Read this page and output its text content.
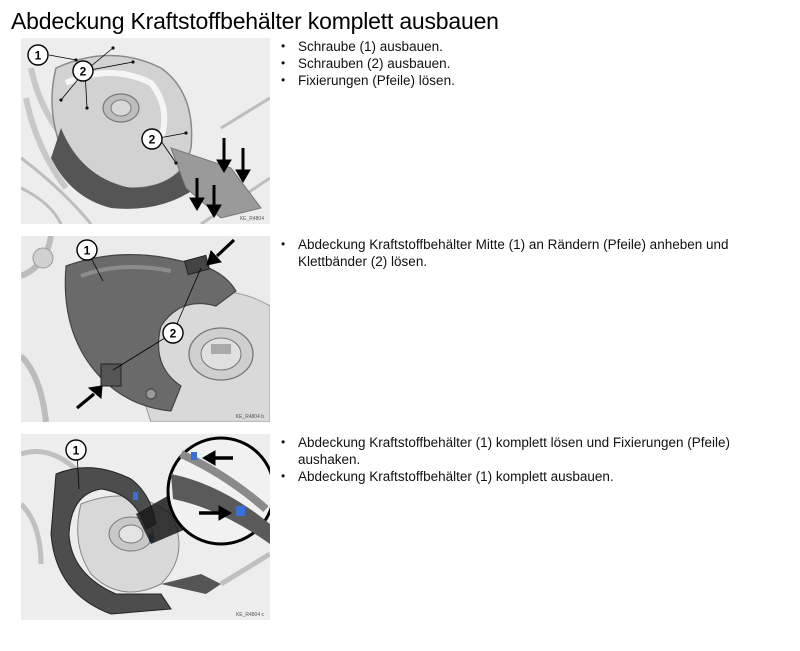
Abdeckung Kraftstoffbehälter komplett ausbauen
1
2
2
KE_R4804
• Schraube (1) ausbauen.
• Schrauben (2) ausbauen.
• Fixierungen (Pfeile) lösen.
1
2
KE_R4804 b
• Abdeckung Kraftstoffbehälter Mitte (1) an Rändern (Pfeile) anheben und Klettbänder (2) lösen.
1
KE_R4804 c
• Abdeckung Kraftstoffbehälter (1) komplett lösen und Fixierungen (Pfeile) aushaken.
• Abdeckung Kraftstoffbehälter (1) komplett ausbauen.
